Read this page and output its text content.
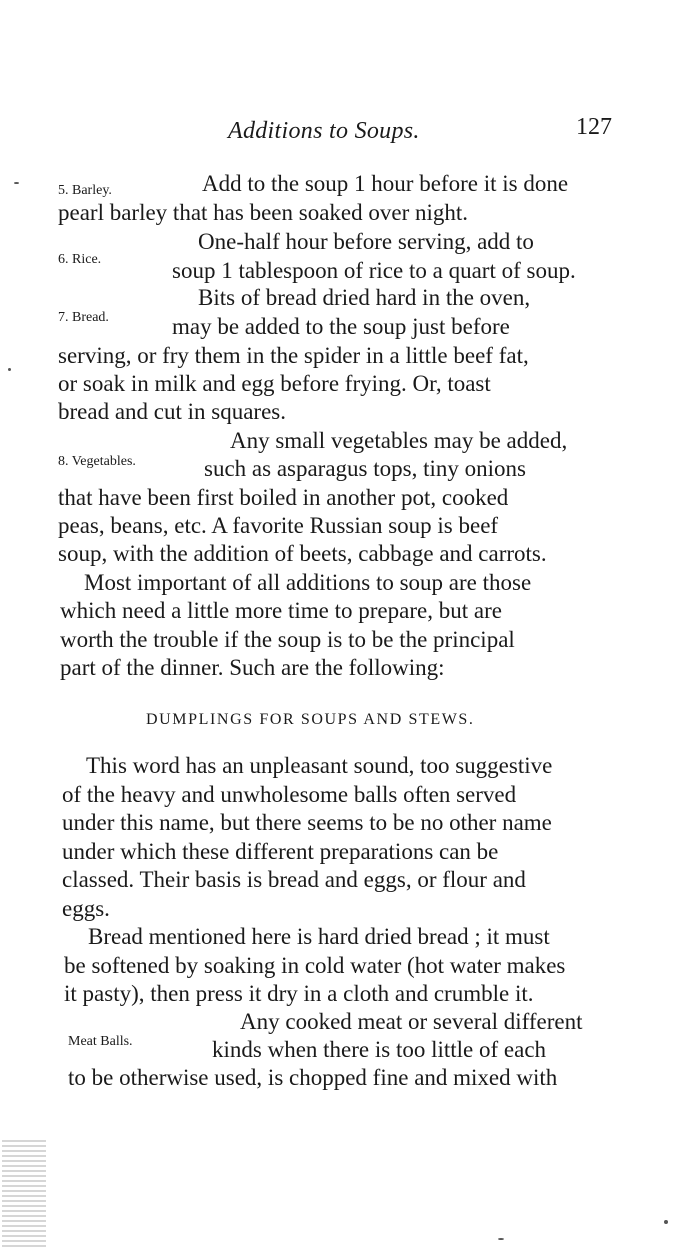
Additions to Soups.	127
5. Barley.	Add to the soup 1 hour before it is done
pearl barley that has been soaked over night.
6. Rice.
One-half hour before serving, add to
soup 1 tablespoon of rice to a quart of soup.
7. Bread.
Bits of bread dried hard in the oven,
may be added to the soup just before
serving, or fry them in the spider in a little beef fat,
or soak in milk and egg before frying. Or, toast
bread and cut in squares.
8. Vegetables.
Any small vegetables may be added,
such as asparagus tops, tiny onions
that have been first boiled in another pot, cooked
peas, beans, etc. A favorite Russian soup is beef
soup, with the addition of beets, cabbage and carrots.
Most important of all additions to soup are those
which need a little more time to prepare, but are
worth the trouble if the soup is to be the principal
part of the dinner. Such are the following:
DUMPLINGS FOR SOUPS AND STEWS.
This word has an unpleasant sound, too suggestive
of the heavy and unwholesome balls often served
under this name, but there seems to be no other name
under which these different preparations can be
classed. Their basis is bread and eggs, or flour and
eggs.
Bread mentioned here is hard dried bread ; it must
be softened by soaking in cold water (hot water makes
it pasty), then press it dry in a cloth and crumble it.
Meat Balls.
Any cooked meat or several different
kinds when there is too little of each
to be otherwise used, is chopped fine and mixed with
